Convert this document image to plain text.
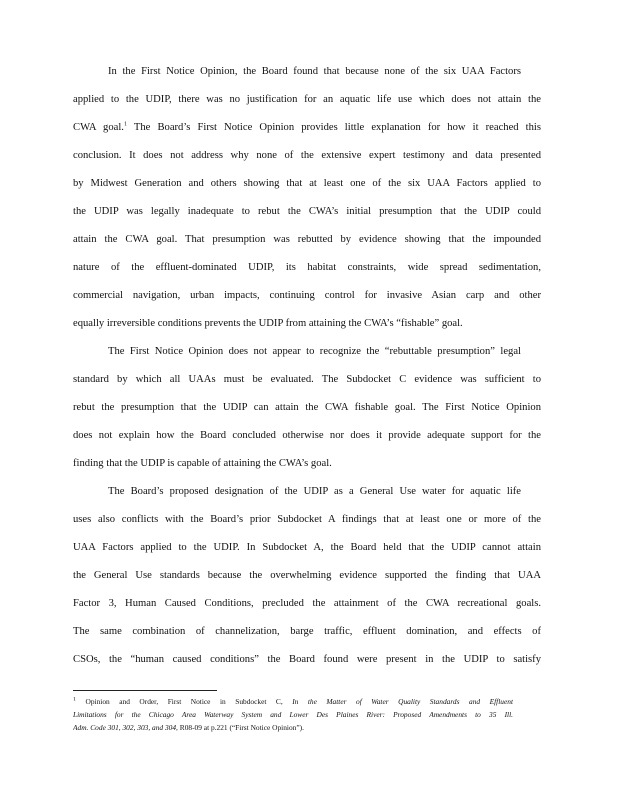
In the First Notice Opinion, the Board found that because none of the six UAA Factors
applied to the UDIP, there was no justification for an aquatic life use which does not attain the
CWA goal.$^1$ The Board’s First Notice Opinion provides little explanation for how it reached this
conclusion. It does not address why none of the extensive expert testimony and data presented
by Midwest Generation and others showing that at least one of the six UAA Factors applied to
the UDIP was legally inadequate to rebut the CWA’s initial presumption that the UDIP could
attain the CWA goal. That presumption was rebutted by evidence showing that the impounded
nature of the effluent-dominated UDIP, its habitat constraints, wide spread sedimentation,
commercial navigation, urban impacts, continuing control for invasive Asian carp and other
equally irreversible conditions prevents the UDIP from attaining the CWA’s “fishable” goal.
The First Notice Opinion does not appear to recognize the “rebuttable presumption” legal
standard by which all UAAs must be evaluated. The Subdocket C evidence was sufficient to
rebut the presumption that the UDIP can attain the CWA fishable goal. The First Notice Opinion
does not explain how the Board concluded otherwise nor does it provide adequate support for the
finding that the UDIP is capable of attaining the CWA’s goal.
The Board’s proposed designation of the UDIP as a General Use water for aquatic life
uses also conflicts with the Board’s prior Subdocket A findings that at least one or more of the
UAA Factors applied to the UDIP. In Subdocket A, the Board held that the UDIP cannot attain
the General Use standards because the overwhelming evidence supported the finding that UAA
Factor 3, Human Caused Conditions, precluded the attainment of the CWA recreational goals.
The same combination of channelization, barge traffic, effluent domination, and effects of
CSOs, the “human caused conditions” the Board found were present in the UDIP to satisfy
$^1$ Opinion and Order, First Notice in Subdocket C, In the Matter of Water Quality Standards and Effluent
Limitations for the Chicago Area Waterway System and Lower Des Plaines River: Proposed Amendments to 35 Ill.
Adm. Code 301, 302, 303, and 304, R08-09 at p.221 (“First Notice Opinion”).
